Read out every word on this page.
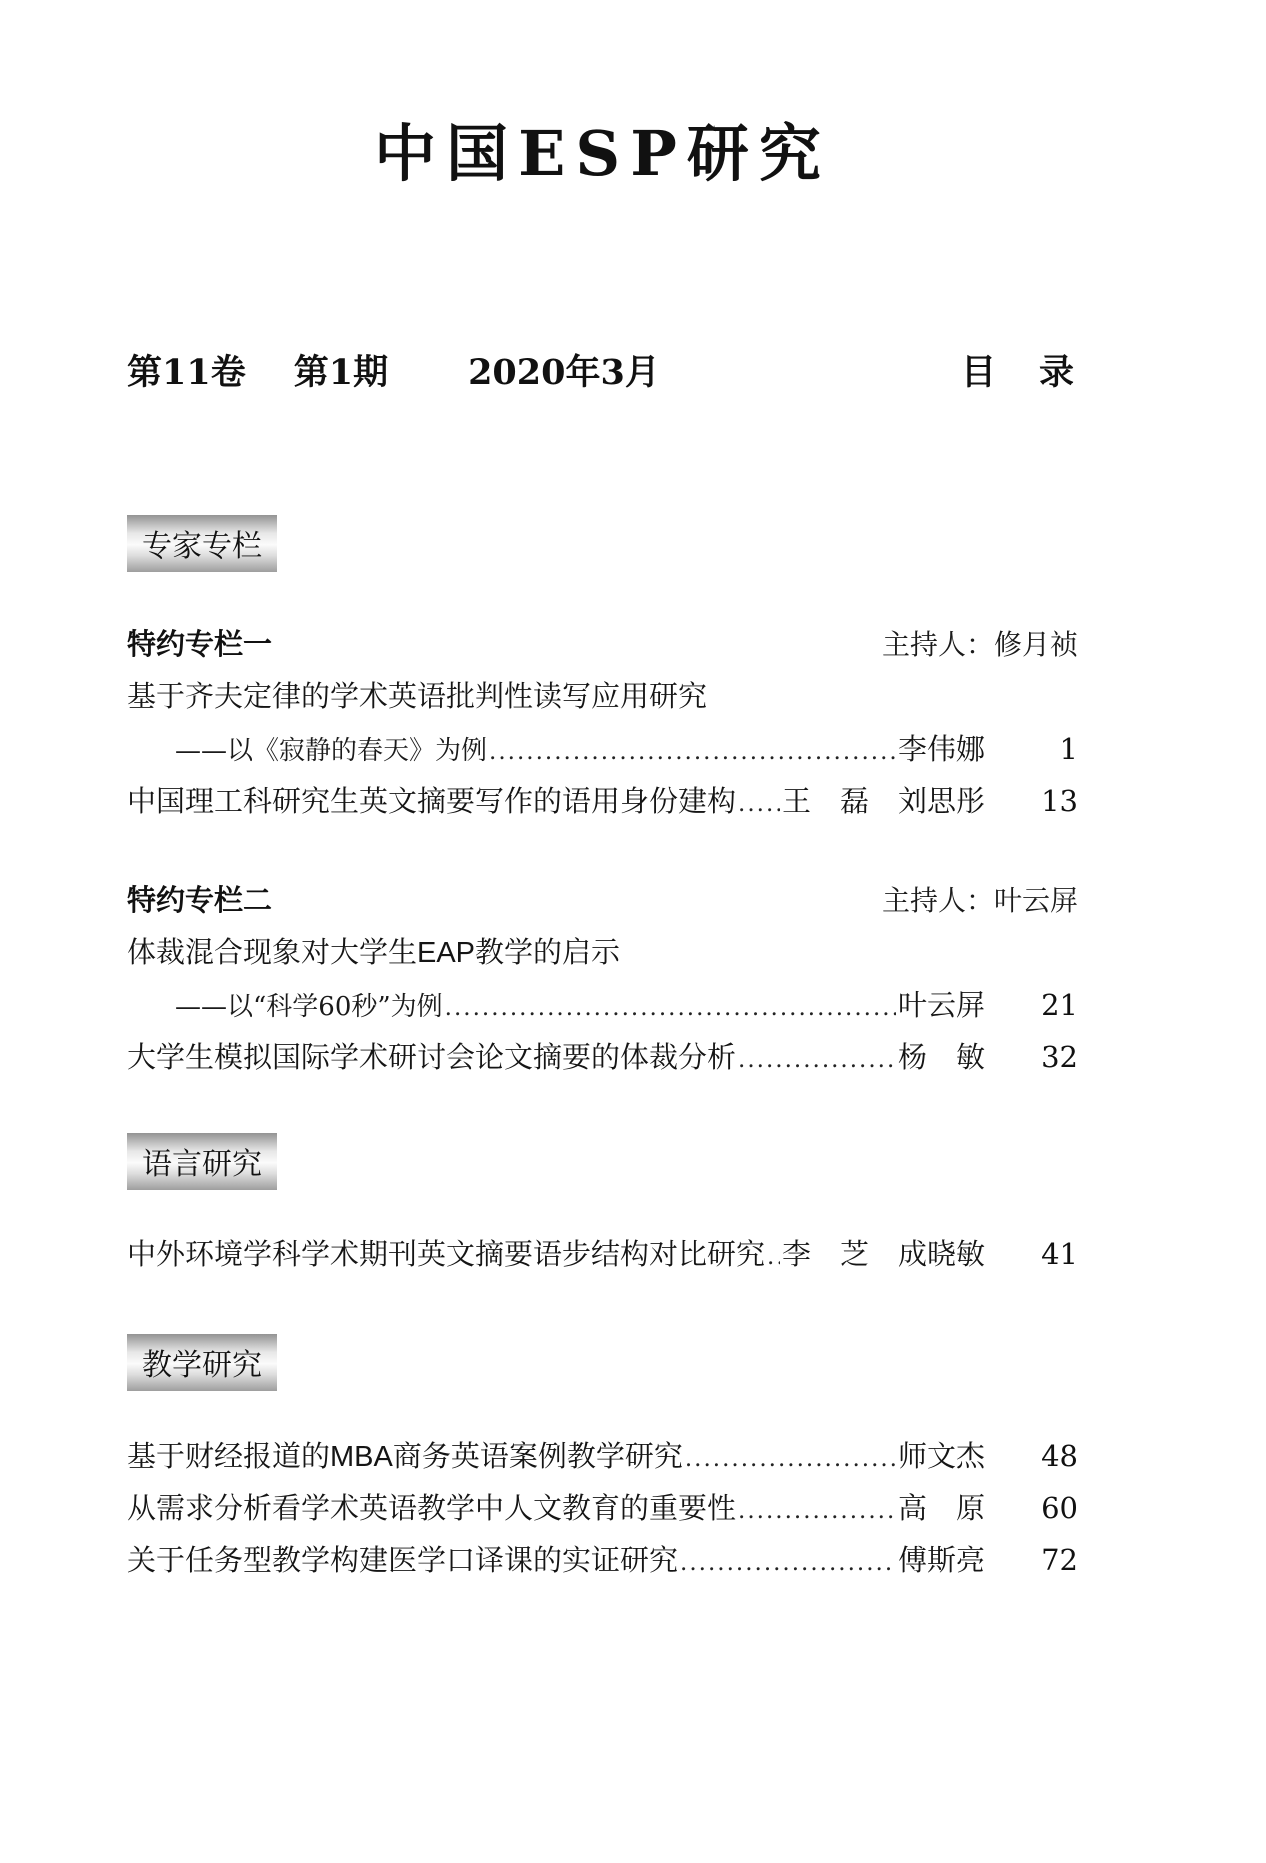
中国ESP研究
第11卷 第1期 2020年3月	目　录
专家专栏
特约专栏一	主持人：修月祯
基于齐夫定律的学术英语批判性读写应用研究
——以《寂静的春天》为例 .....	李伟娜	1
中国理工科研究生英文摘要写作的语用身份建构 ..... 王　磊　刘思彤	13
特约专栏二	主持人：叶云屏
体裁混合现象对大学生EAP教学的启示
——以“科学60秒”为例 .....	叶云屏	21
大学生模拟国际学术研讨会论文摘要的体裁分析 .....	杨　敏	32
语言研究
中外环境学科学术期刊英文摘要语步结构对比研究 ..... 李　芝　成晓敏	41
教学研究
基于财经报道的MBA商务英语案例教学研究 .....	师文杰	48
从需求分析看学术英语教学中人文教育的重要性 .....	高　原	60
关于任务型教学构建医学口译课的实证研究 .....	傅斯亮	72
